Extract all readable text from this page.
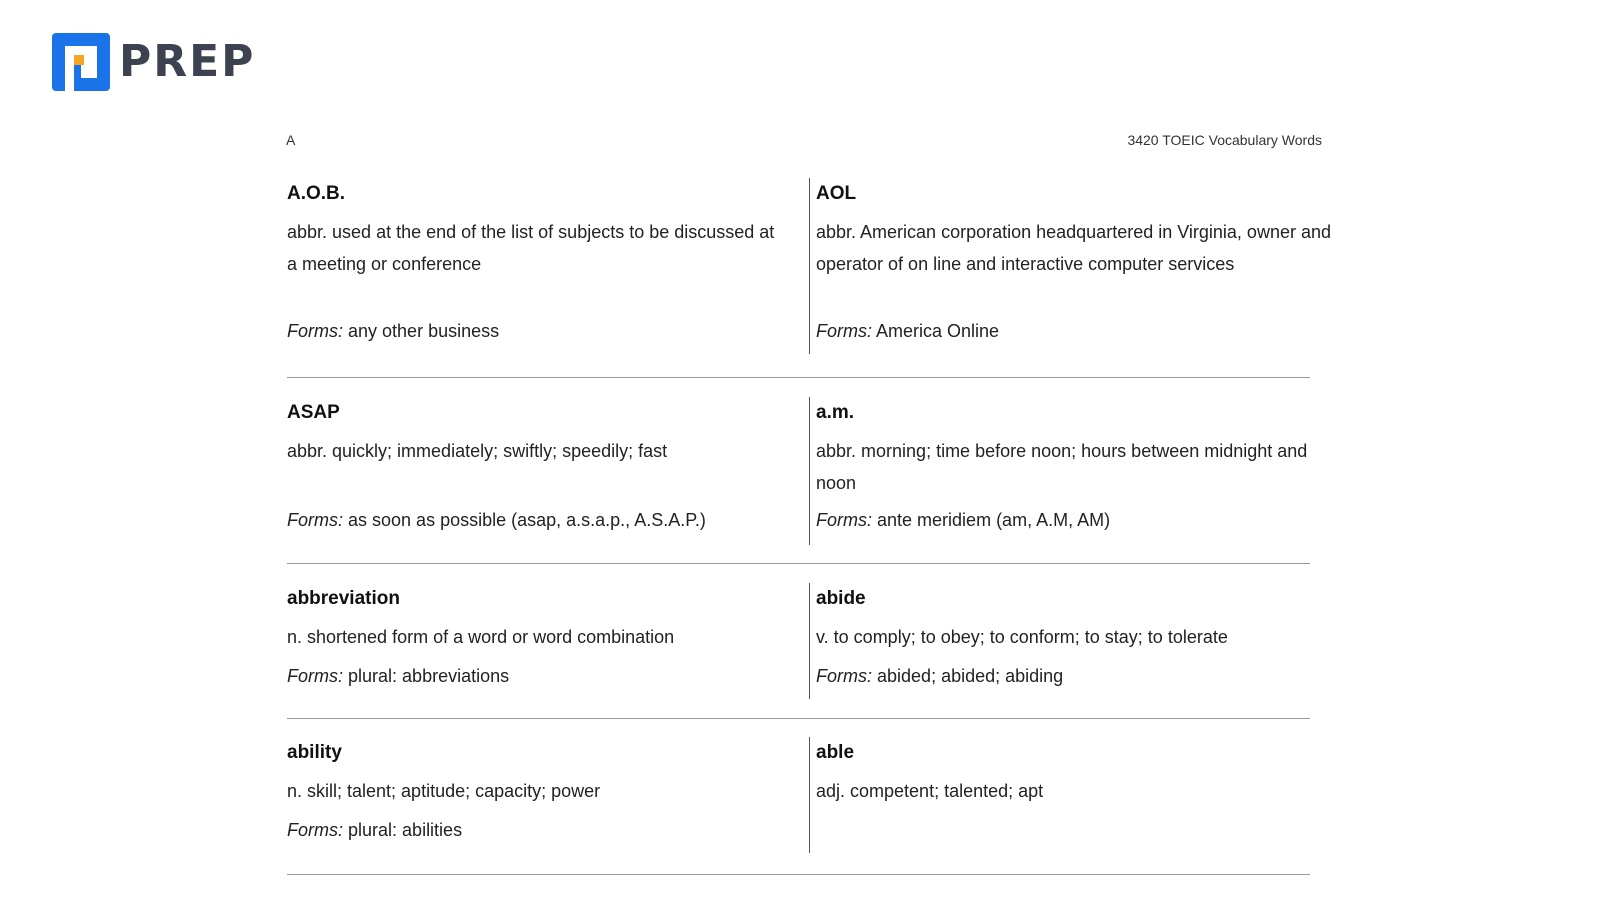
PREP
A	3420 TOEIC Vocabulary Words
A.O.B.
abbr. used at the end of the list of subjects to be discussed at a meeting or conference
Forms: any other business
AOL
abbr. American corporation headquartered in Virginia, owner and operator of on line and interactive computer services
Forms: America Online
ASAP
abbr. quickly; immediately; swiftly; speedily; fast
Forms: as soon as possible (asap, a.s.a.p., A.S.A.P.)
a.m.
abbr. morning; time before noon; hours between midnight and noon
Forms: ante meridiem (am, A.M, AM)
abbreviation
n. shortened form of a word or word combination
Forms: plural: abbreviations
abide
v. to comply; to obey; to conform; to stay; to tolerate
Forms: abided; abided; abiding
ability
n. skill; talent; aptitude; capacity; power
Forms: plural: abilities
able
adj. competent; talented; apt
